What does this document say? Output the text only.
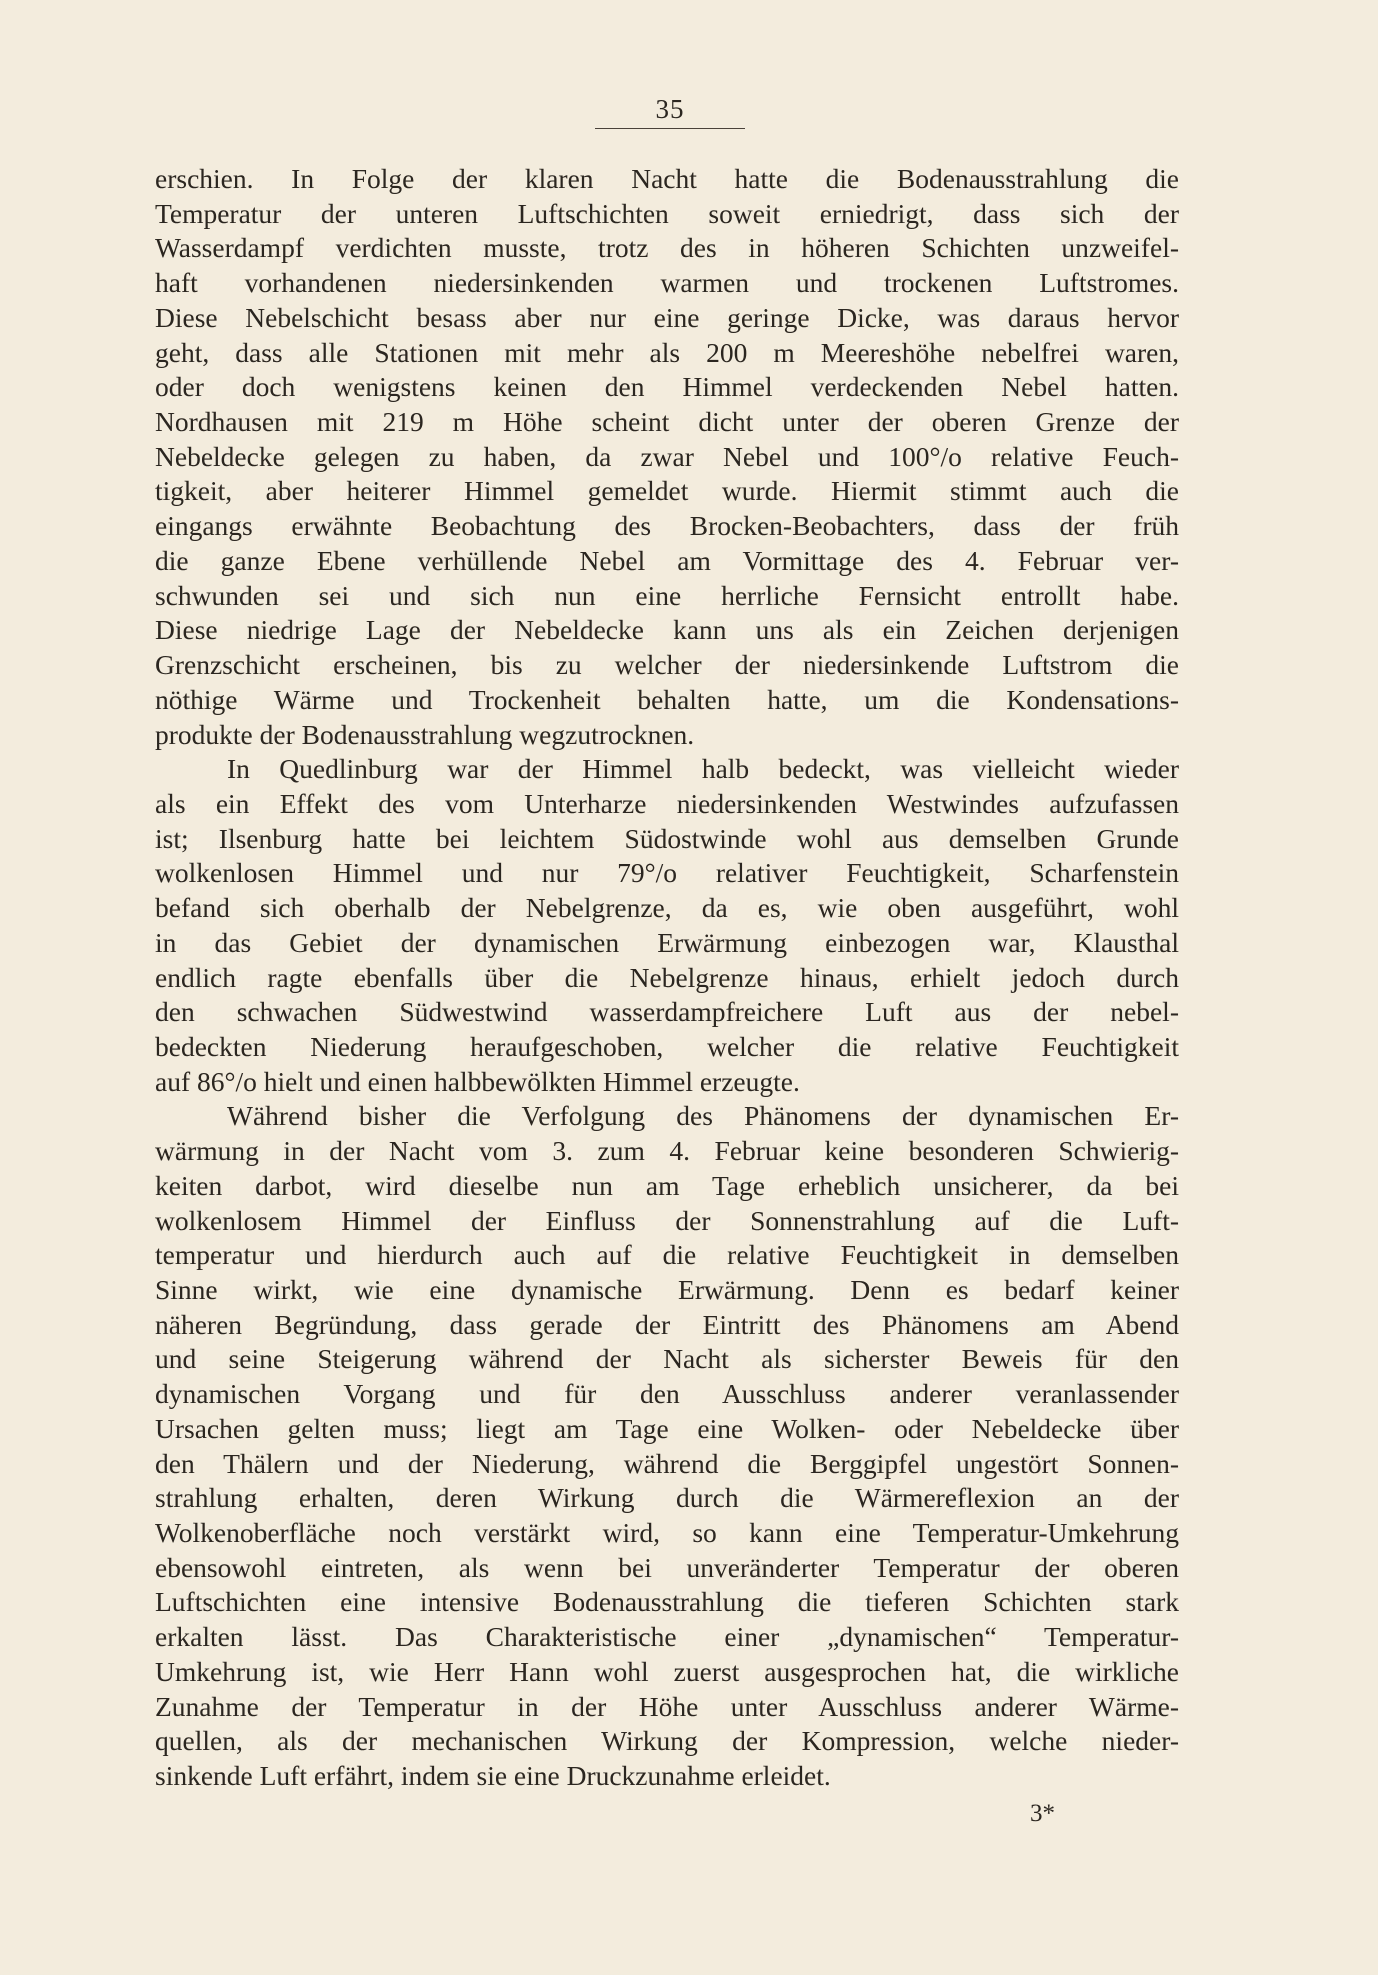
35
erschien. In Folge der klaren Nacht hatte die Bodenausstrahlung die
Temperatur der unteren Luftschichten soweit erniedrigt, dass sich der
Wasserdampf verdichten musste, trotz des in höheren Schichten unzweifel-
haft vorhandenen niedersinkenden warmen und trockenen Luftstromes.
Diese Nebelschicht besass aber nur eine geringe Dicke, was daraus hervor
geht, dass alle Stationen mit mehr als 200 m Meereshöhe nebelfrei waren,
oder doch wenigstens keinen den Himmel verdeckenden Nebel hatten.
Nordhausen mit 219 m Höhe scheint dicht unter der oberen Grenze der
Nebeldecke gelegen zu haben, da zwar Nebel und 100°/o relative Feuch-
tigkeit, aber heiterer Himmel gemeldet wurde. Hiermit stimmt auch die
eingangs erwähnte Beobachtung des Brocken-Beobachters, dass der früh
die ganze Ebene verhüllende Nebel am Vormittage des 4. Februar ver-
schwunden sei und sich nun eine herrliche Fernsicht entrollt habe.
Diese niedrige Lage der Nebeldecke kann uns als ein Zeichen derjenigen
Grenzschicht erscheinen, bis zu welcher der niedersinkende Luftstrom die
nöthige Wärme und Trockenheit behalten hatte, um die Kondensations-
produkte der Bodenausstrahlung wegzutrocknen.
In Quedlinburg war der Himmel halb bedeckt, was vielleicht wieder
als ein Effekt des vom Unterharze niedersinkenden Westwindes aufzufassen
ist; Ilsenburg hatte bei leichtem Südostwinde wohl aus demselben Grunde
wolkenlosen Himmel und nur 79°/o relativer Feuchtigkeit, Scharfenstein
befand sich oberhalb der Nebelgrenze, da es, wie oben ausgeführt, wohl
in das Gebiet der dynamischen Erwärmung einbezogen war, Klausthal
endlich ragte ebenfalls über die Nebelgrenze hinaus, erhielt jedoch durch
den schwachen Südwestwind wasserdampfreichere Luft aus der nebel-
bedeckten Niederung heraufgeschoben, welcher die relative Feuchtigkeit
auf 86°/o hielt und einen halbbewölkten Himmel erzeugte.
Während bisher die Verfolgung des Phänomens der dynamischen Er-
wärmung in der Nacht vom 3. zum 4. Februar keine besonderen Schwierig-
keiten darbot, wird dieselbe nun am Tage erheblich unsicherer, da bei
wolkenlosem Himmel der Einfluss der Sonnenstrahlung auf die Luft-
temperatur und hierdurch auch auf die relative Feuchtigkeit in demselben
Sinne wirkt, wie eine dynamische Erwärmung. Denn es bedarf keiner
näheren Begründung, dass gerade der Eintritt des Phänomens am Abend
und seine Steigerung während der Nacht als sicherster Beweis für den
dynamischen Vorgang und für den Ausschluss anderer veranlassender
Ursachen gelten muss; liegt am Tage eine Wolken- oder Nebeldecke über
den Thälern und der Niederung, während die Berggipfel ungestört Sonnen-
strahlung erhalten, deren Wirkung durch die Wärmereflexion an der
Wolkenoberfläche noch verstärkt wird, so kann eine Temperatur-Umkehrung
ebensowohl eintreten, als wenn bei unveränderter Temperatur der oberen
Luftschichten eine intensive Bodenausstrahlung die tieferen Schichten stark
erkalten lässt. Das Charakteristische einer „dynamischen“ Temperatur-
Umkehrung ist, wie Herr Hann wohl zuerst ausgesprochen hat, die wirkliche
Zunahme der Temperatur in der Höhe unter Ausschluss anderer Wärme-
quellen, als der mechanischen Wirkung der Kompression, welche nieder-
sinkende Luft erfährt, indem sie eine Druckzunahme erleidet.
3*
